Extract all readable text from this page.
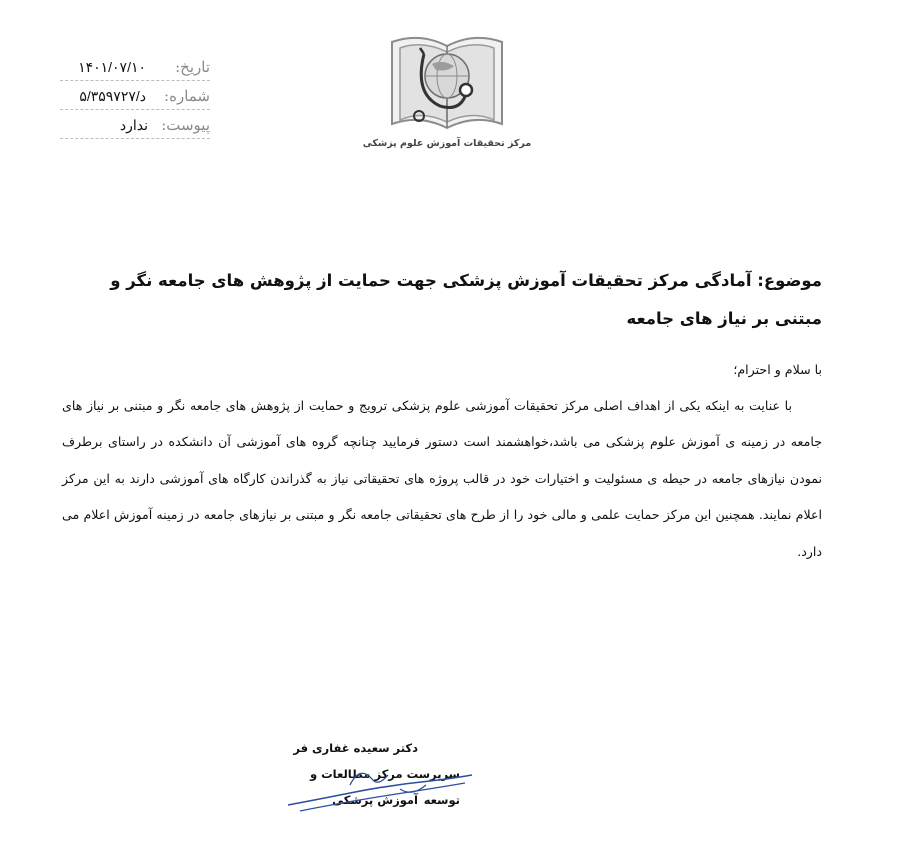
تاریخ:
۱۴۰۱/۰۷/۱۰
شماره:
۵/د/۳۵۹۷۲۷
پیوست:
ندارد
مرکز تحقیقات آموزش علوم پزشکی
موضوع: آمادگی مرکز تحقیقات آموزش پزشکی جهت حمایت از پژوهش های جامعه نگر و مبتنی بر نیاز های جامعه
با سلام و احترام؛
با عنایت به اینکه یکی از اهداف اصلی مرکز تحقیقات آموزشی علوم پزشکی ترویج و حمایت از پژوهش های جامعه نگر و مبتنی بر نیاز های جامعه در زمینه ی آموزش علوم پزشکی می باشد،خواهشمند است دستور فرمایید چنانچه گروه های آموزشی آن دانشکده در راستای برطرف نمودن نیازهای جامعه در حیطه ی مسئولیت و اختیارات خود در قالب پروژه های تحقیقاتی نیاز به گذراندن کارگاه های آموزشی دارند به این مرکز اعلام نمایند. همچنین این مرکز حمایت علمی و مالی خود را از طرح های تحقیقاتی جامعه نگر و مبتنی بر نیازهای جامعه در زمینه آموزش اعلام می دارد.
دکتر سعیده غفاری فر
سرپرست مرکز مطالعات و توسعه
آموزش پزشکی
